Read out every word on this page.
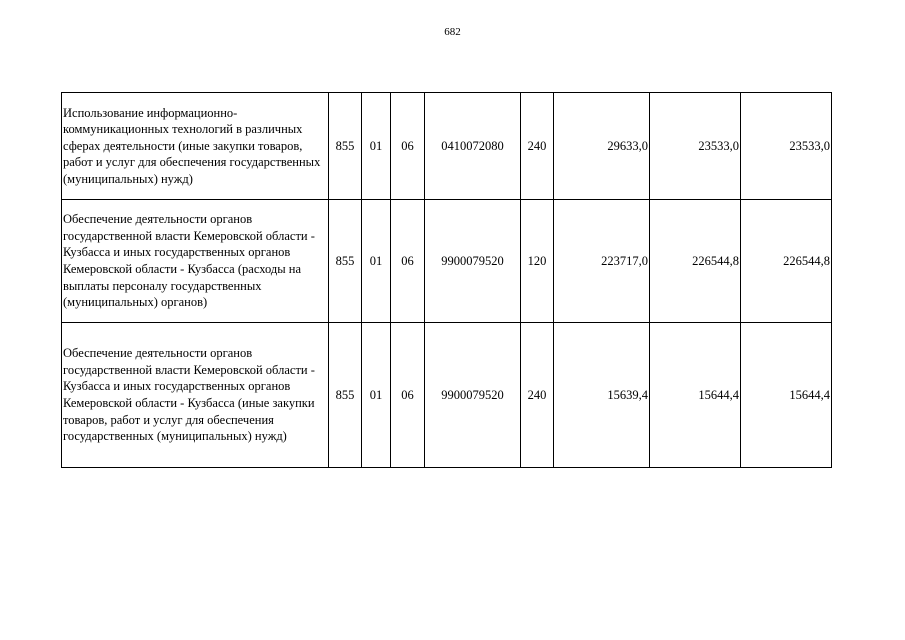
682
Использование информационно-коммуникационных технологий в различных сферах деятельности (иные закупки товаров, работ и услуг для обеспечения государственных (муниципальных) нужд)	855	01	06	0410072080	240	29633,0	23533,0	23533,0
Обеспечение деятельности органов государственной власти Кемеровской области - Кузбасса и иных государственных органов Кемеровской области - Кузбасса (расходы на выплаты персоналу государственных (муниципальных) органов)	855	01	06	9900079520	120	223717,0	226544,8	226544,8
Обеспечение деятельности органов государственной власти Кемеровской области - Кузбасса и иных государственных органов Кемеровской области - Кузбасса (иные закупки товаров, работ и услуг для обеспечения государственных (муниципальных) нужд)	855	01	06	9900079520	240	15639,4	15644,4	15644,4
